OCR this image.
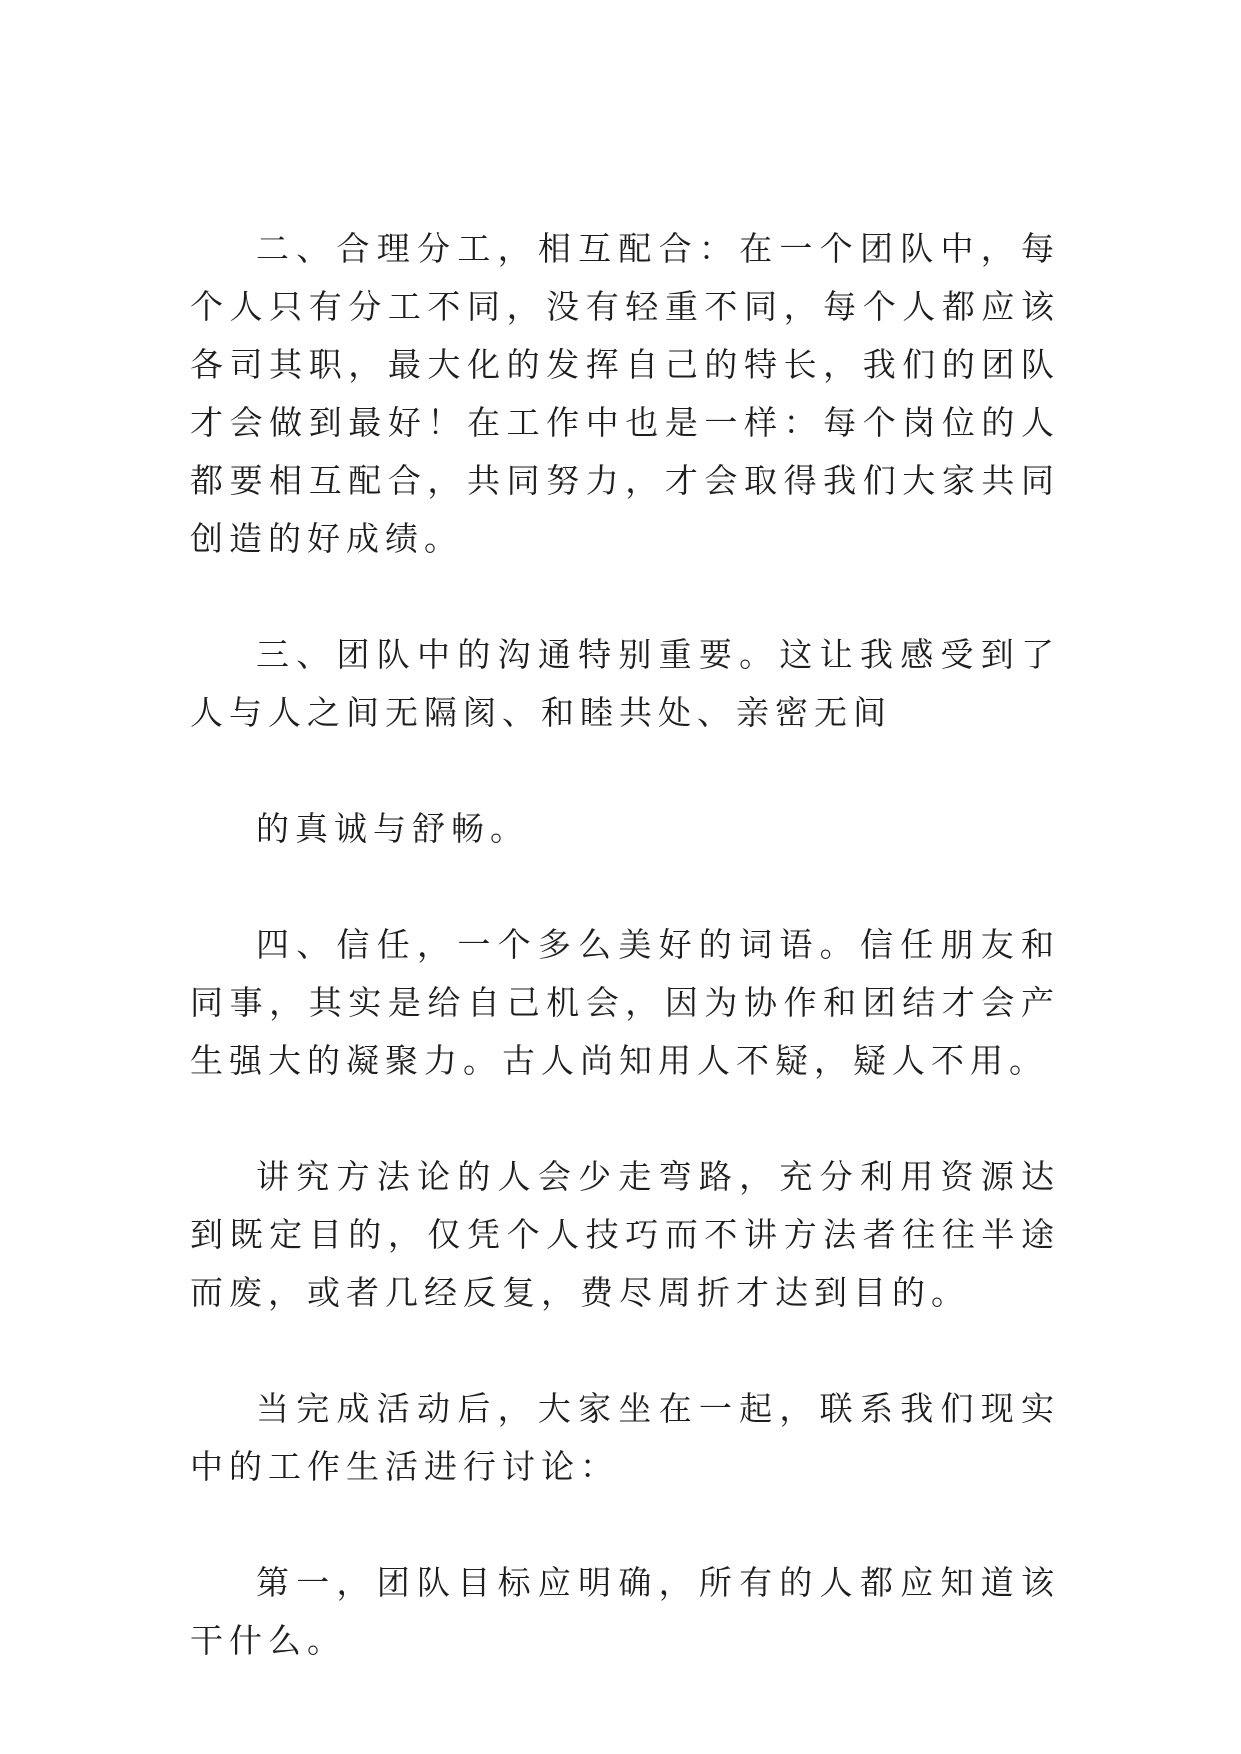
二、合理分工，相互配合：在一个团队中，每个人只有分工不同，没有轻重不同，每个人都应该各司其职，最大化的发挥自己的特长，我们的团队才会做到最好！在工作中也是一样：每个岗位的人都要相互配合，共同努力，才会取得我们大家共同创造的好成绩。

三、团队中的沟通特别重要。这让我感受到了人与人之间无隔阂、和睦共处、亲密无间

的真诚与舒畅。

四、信任，一个多么美好的词语。信任朋友和同事，其实是给自己机会，因为协作和团结才会产生强大的凝聚力。古人尚知用人不疑，疑人不用。

讲究方法论的人会少走弯路，充分利用资源达到既定目的，仅凭个人技巧而不讲方法者往往半途而废，或者几经反复，费尽周折才达到目的。

当完成活动后，大家坐在一起，联系我们现实中的工作生活进行讨论：

第一，团队目标应明确，所有的人都应知道该干什么。
